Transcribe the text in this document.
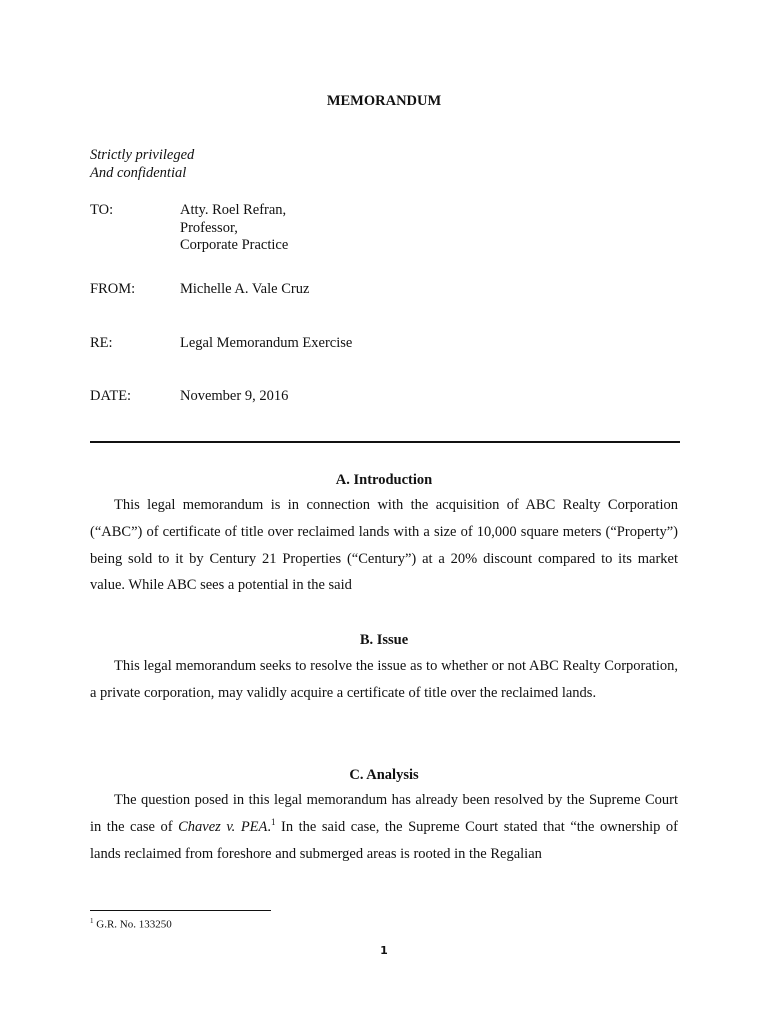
MEMORANDUM
Strictly privileged
And confidential
TO:	Atty. Roel Refran,
Professor,
Corporate Practice
FROM:	Michelle A. Vale Cruz
RE:	Legal Memorandum Exercise
DATE:	November 9, 2016
A. Introduction
This legal memorandum is in connection with the acquisition of ABC Realty Corporation (“ABC”) of certificate of title over reclaimed lands with a size of 10,000 square meters (“Property”) being sold to it by Century 21 Properties (“Century”) at a 20% discount compared to its market value. While ABC sees a potential in the said
B. Issue
This legal memorandum seeks to resolve the issue as to whether or not ABC Realty Corporation, a private corporation, may validly acquire a certificate of title over the reclaimed lands.
C. Analysis
The question posed in this legal memorandum has already been resolved by the Supreme Court in the case of Chavez v. PEA.$^1$ In the said case, the Supreme Court stated that “the ownership of lands reclaimed from foreshore and submerged areas is rooted in the Regalian
$^1$ G.R. No. 133250
1
